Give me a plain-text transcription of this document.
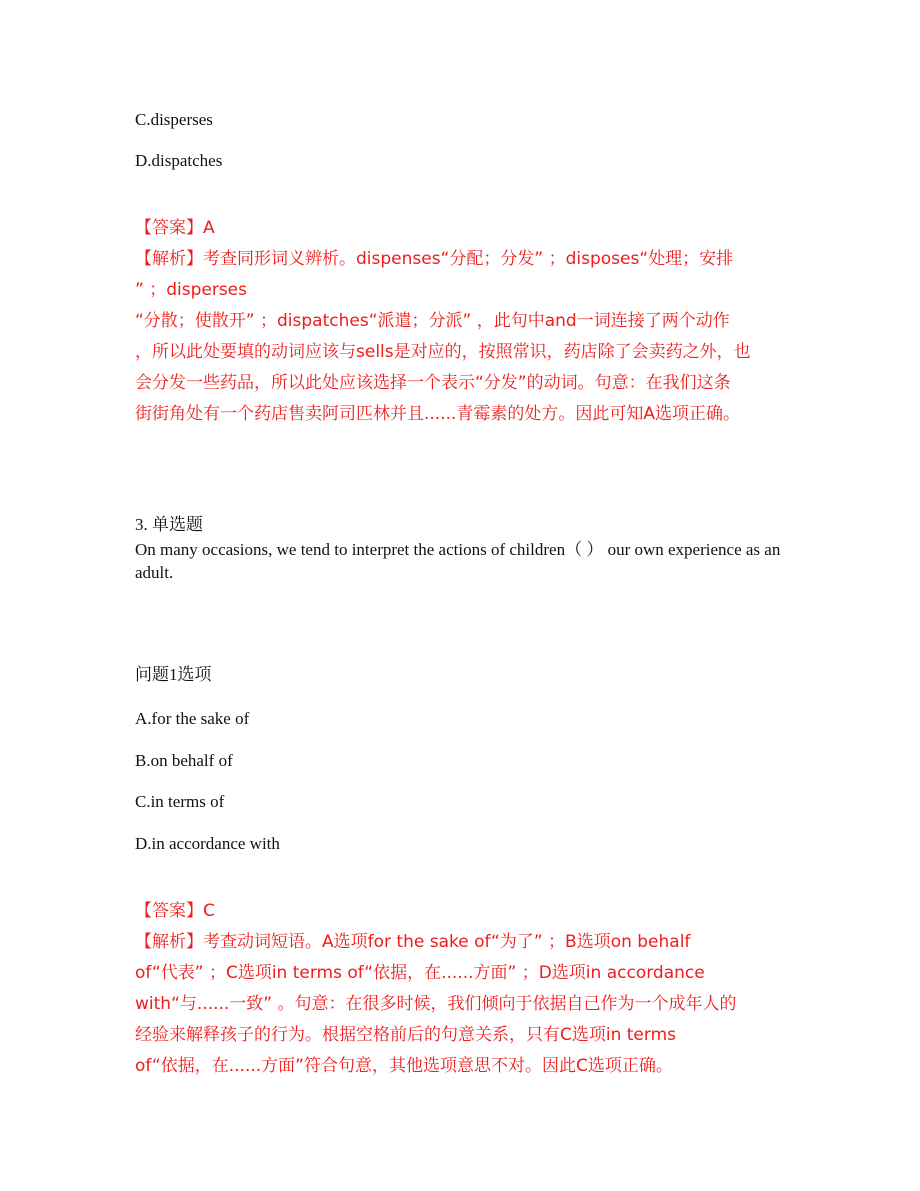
C.disperses
D.dispatches
【答案】A
【解析】考查同形词义辨析。dispenses“分配；分发” ；disposes“处理；安排
” ；disperses
“分散；使散开” ；dispatches“派遣；分派” ，此句中and一词连接了两个动作
，所以此处要填的动词应该与sells是对应的，按照常识，药店除了会卖药之外，也
会分发一些药品，所以此处应该选择一个表示“分发”的动词。句意：在我们这条
街街角处有一个药店售卖阿司匹林并且......青霉素的处方。因此可知A选项正确。
3. 单选题
On many occasions, we tend to interpret the actions of children（ ） our own experience as an adult.
问题1选项
A.for the sake of
B.on behalf of
C.in terms of
D.in accordance with
【答案】C
【解析】考查动词短语。A选项for the sake of“为了” ；B选项on behalf
of“代表” ；C选项in terms of“依据，在......方面” ；D选项in accordance
with“与......一致” 。句意：在很多时候，我们倾向于依据自己作为一个成年人的
经验来解释孩子的行为。根据空格前后的句意关系，只有C选项in terms
of“依据，在......方面”符合句意，其他选项意思不对。因此C选项正确。
